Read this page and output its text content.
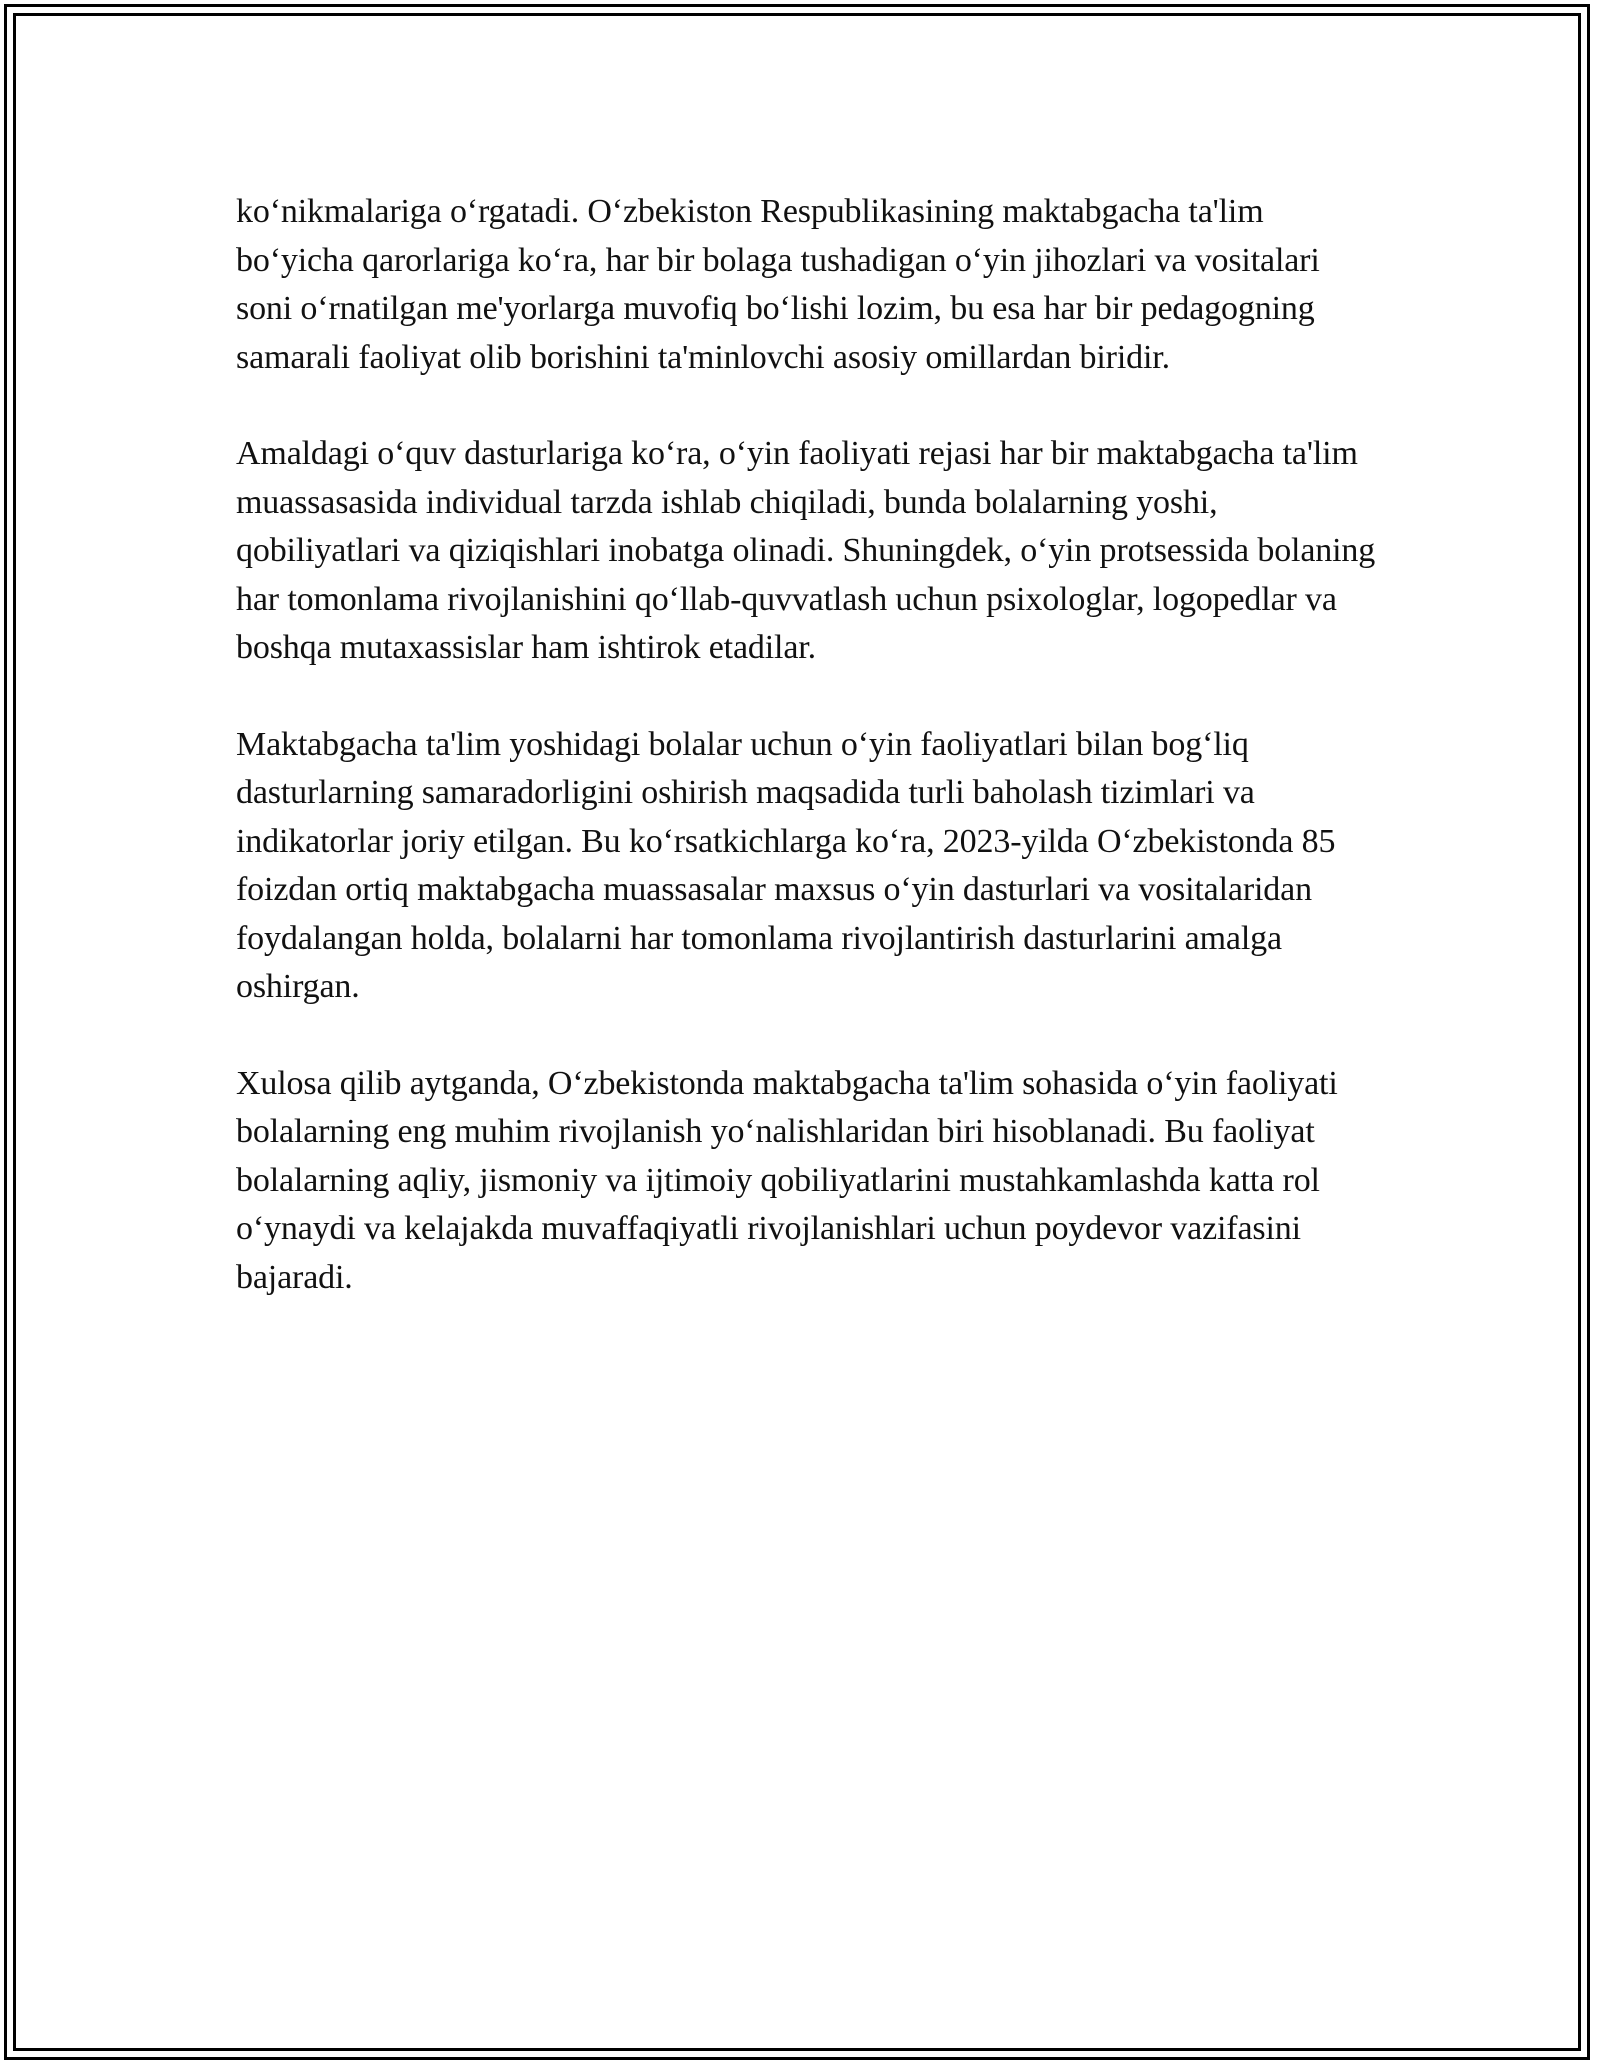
ko‘nikmalariga o‘rgatadi. O‘zbekiston Respublikasining maktabgacha ta'lim bo‘yicha qarorlariga ko‘ra, har bir bolaga tushadigan o‘yin jihozlari va vositalari soni o‘rnatilgan me'yorlarga muvofiq bo‘lishi lozim, bu esa har bir pedagogning samarali faoliyat olib borishini ta'minlovchi asosiy omillardan biridir.

Amaldagi o‘quv dasturlariga ko‘ra, o‘yin faoliyati rejasi har bir maktabgacha ta'lim muassasasida individual tarzda ishlab chiqiladi, bunda bolalarning yoshi, qobiliyatlari va qiziqishlari inobatga olinadi. Shuningdek, o‘yin protsessida bolaning har tomonlama rivojlanishini qo‘llab-quvvatlash uchun psixologlar, logopedlar va boshqa mutaxassislar ham ishtirok etadilar.

Maktabgacha ta'lim yoshidagi bolalar uchun o‘yin faoliyatlari bilan bog‘liq dasturlarning samaradorligini oshirish maqsadida turli baholash tizimlari va indikatorlar joriy etilgan. Bu ko‘rsatkichlarga ko‘ra, 2023-yilda O‘zbekistonda 85 foizdan ortiq maktabgacha muassasalar maxsus o‘yin dasturlari va vositalaridan foydalangan holda, bolalarni har tomonlama rivojlantirish dasturlarini amalga oshirgan.

Xulosa qilib aytganda, O‘zbekistonda maktabgacha ta'lim sohasida o‘yin faoliyati bolalarning eng muhim rivojlanish yo‘nalishlaridan biri hisoblanadi. Bu faoliyat bolalarning aqliy, jismoniy va ijtimoiy qobiliyatlarini mustahkamlashda katta rol o‘ynaydi va kelajakda muvaffaqiyatli rivojlanishlari uchun poydevor vazifasini bajaradi.
